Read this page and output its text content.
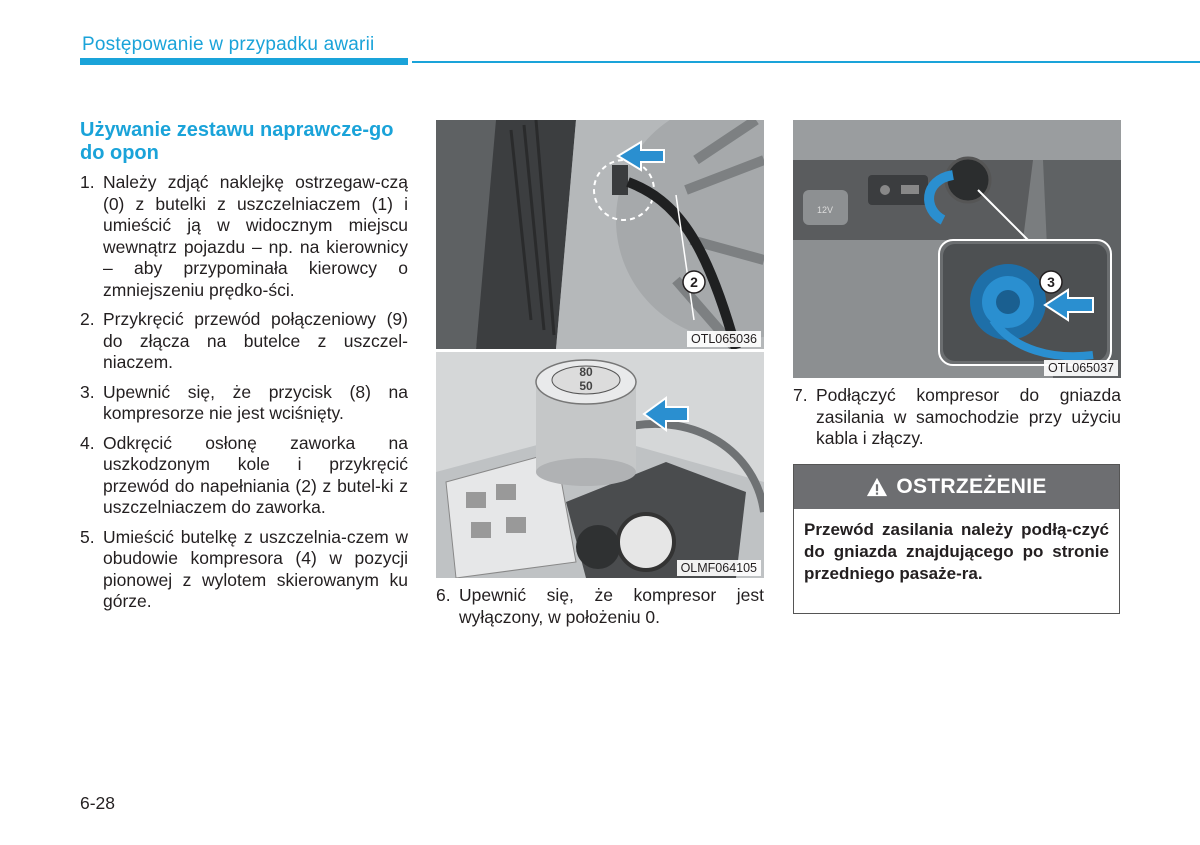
Postępowanie w przypadku awarii
Używanie zestawu naprawcze-go do opon
1. Należy zdjąć naklejkę ostrzegaw-czą (0) z butelki z uszczelniaczem (1) i umieścić ją w widocznym miejscu wewnątrz pojazdu – np. na kierownicy – aby przypominała kierowcy o zmniejszeniu prędko-ści.
2. Przykręcić przewód połączeniowy (9) do złącza na butelce z uszczel-niaczem.
3. Upewnić się, że przycisk (8) na kompresorze nie jest wciśnięty.
4. Odkręcić osłonę zaworka na uszkodzonym kole i przykręcić przewód do napełniania (2) z butel-ki z uszczelniaczem do zaworka.
5. Umieścić butelkę z uszczelnia-czem w obudowie kompresora (4) w pozycji pionowej z wylotem skierowanym ku górze.
2
OTL065036
80
50
OLMF064105
12V
3
OTL065037
6. Upewnić się, że kompresor jest wyłączony, w położeniu 0.
7. Podłączyć kompresor do gniazda zasilania w samochodzie przy użyciu kabla i złączy.
OSTRZEŻENIE
Przewód zasilania należy podłą-czyć do gniazda znajdującego po stronie przedniego pasaże-ra.
6-28
